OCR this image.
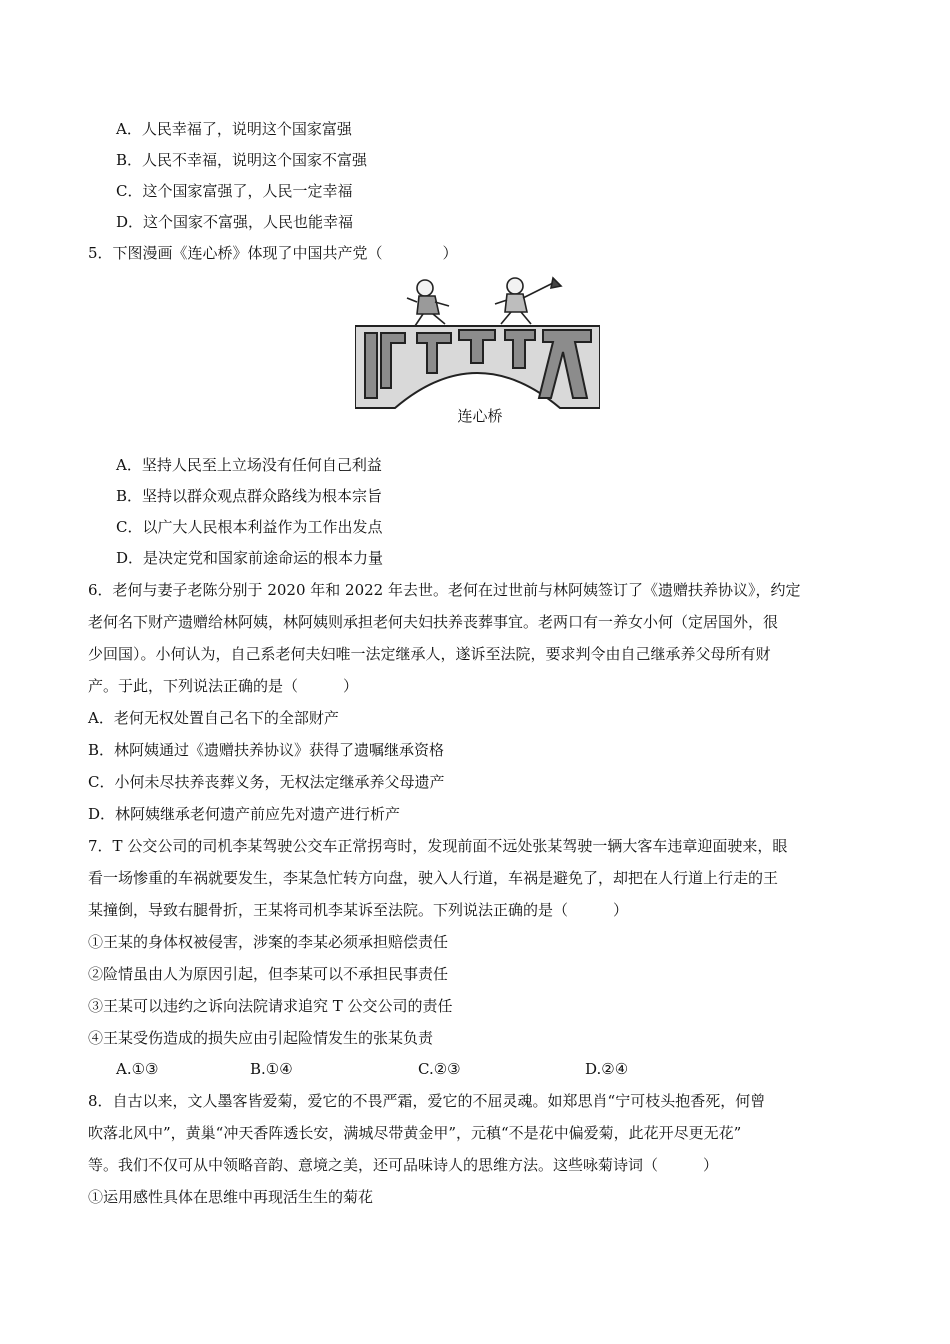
A．人民幸福了，说明这个国家富强
B．人民不幸福，说明这个国家不富强
C．这个国家富强了，人民一定幸福
D．这个国家不富强，人民也能幸福
5．下图漫画《连心桥》体现了中国共产党（　　　　）
连心桥
A．坚持人民至上立场没有任何自己利益
B．坚持以群众观点群众路线为根本宗旨
C．以广大人民根本利益作为工作出发点
D．是决定党和国家前途命运的根本力量
6．老何与妻子老陈分别于 2020 年和 2022 年去世。老何在过世前与林阿姨签订了《遗赠扶养协议》，约定
老何名下财产遗赠给林阿姨，林阿姨则承担老何夫妇扶养丧葬事宜。老两口有一养女小何（定居国外，很
少回国）。小何认为，自己系老何夫妇唯一法定继承人，遂诉至法院，要求判令由自己继承养父母所有财
产。于此，下列说法正确的是（　　　）
A．老何无权处置自己名下的全部财产
B．林阿姨通过《遗赠扶养协议》获得了遗嘱继承资格
C．小何未尽扶养丧葬义务，无权法定继承养父母遗产
D．林阿姨继承老何遗产前应先对遗产进行析产
7．T 公交公司的司机李某驾驶公交车正常拐弯时，发现前面不远处张某驾驶一辆大客车违章迎面驶来，眼
看一场惨重的车祸就要发生，李某急忙转方向盘，驶入人行道，车祸是避免了，却把在人行道上行走的王
某撞倒，导致右腿骨折，王某将司机李某诉至法院。下列说法正确的是（　　　）
①王某的身体权被侵害，涉案的李某必须承担赔偿责任
②险情虽由人为原因引起，但李某可以不承担民事责任
③王某可以违约之诉向法院请求追究 T 公交公司的责任
④王某受伤造成的损失应由引起险情发生的张某负责
A.①③	B.①④	C.②③	D.②④
8．自古以来，文人墨客皆爱菊，爱它的不畏严霜，爱它的不屈灵魂。如郑思肖“宁可枝头抱香死，何曾
吹落北风中”，黄巢“冲天香阵透长安，满城尽带黄金甲”，元稹“不是花中偏爱菊，此花开尽更无花”
等。我们不仅可从中领略音韵、意境之美，还可品味诗人的思维方法。这些咏菊诗词（　　　）
①运用感性具体在思维中再现活生生的菊花
